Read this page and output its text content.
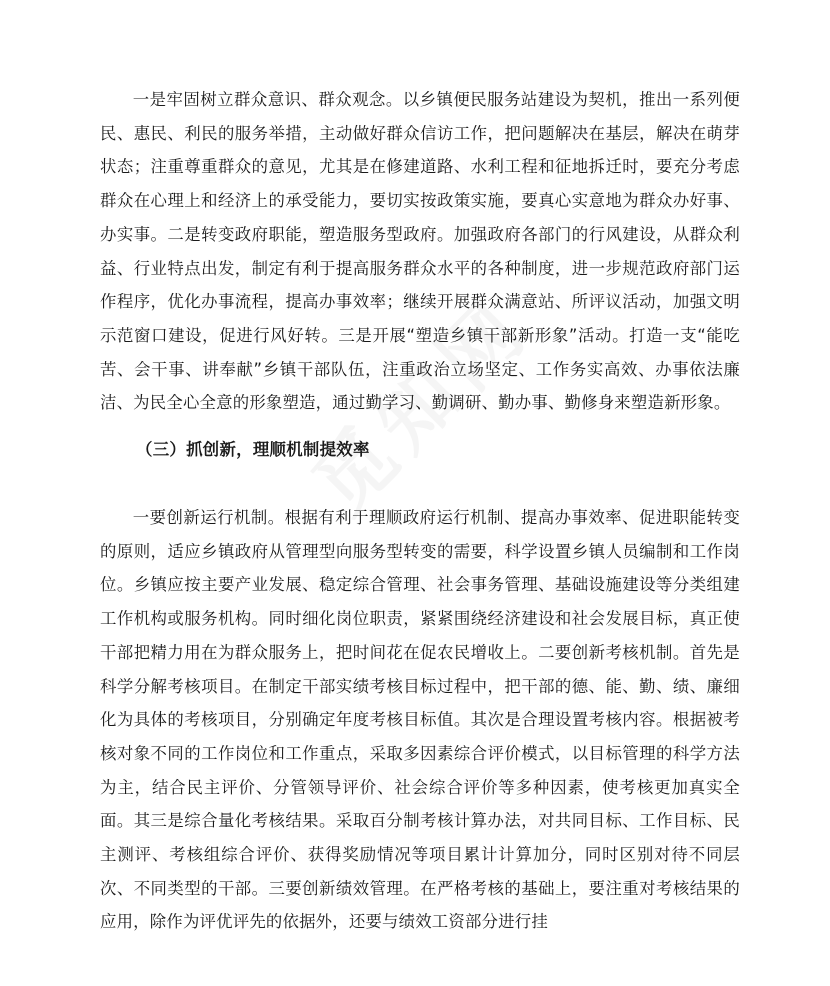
一是牢固树立群众意识、群众观念。以乡镇便民服务站建设为契机，推出一系列便民、惠民、利民的服务举措，主动做好群众信访工作，把问题解决在基层，解决在萌芽状态；注重尊重群众的意见，尤其是在修建道路、水利工程和征地拆迁时，要充分考虑群众在心理上和经济上的承受能力，要切实按政策实施，要真心实意地为群众办好事、办实事。二是转变政府职能，塑造服务型政府。加强政府各部门的行风建设，从群众利益、行业特点出发，制定有利于提高服务群众水平的各种制度，进一步规范政府部门运作程序，优化办事流程，提高办事效率；继续开展群众满意站、所评议活动，加强文明示范窗口建设，促进行风好转。三是开展“塑造乡镇干部新形象”活动。打造一支“能吃苦、会干事、讲奉献”乡镇干部队伍，注重政治立场坚定、工作务实高效、办事依法廉洁、为民全心全意的形象塑造，通过勤学习、勤调研、勤办事、勤修身来塑造新形象。

（三）抓创新，理顺机制提效率

一要创新运行机制。根据有利于理顺政府运行机制、提高办事效率、促进职能转变的原则，适应乡镇政府从管理型向服务型转变的需要，科学设置乡镇人员编制和工作岗位。乡镇应按主要产业发展、稳定综合管理、社会事务管理、基础设施建设等分类组建工作机构或服务机构。同时细化岗位职责，紧紧围绕经济建设和社会发展目标，真正使干部把精力用在为群众服务上，把时间花在促农民增收上。二要创新考核机制。首先是科学分解考核项目。在制定干部实绩考核目标过程中，把干部的德、能、勤、绩、廉细化为具体的考核项目，分别确定年度考核目标值。其次是合理设置考核内容。根据被考核对象不同的工作岗位和工作重点，采取多因素综合评价模式，以目标管理的科学方法为主，结合民主评价、分管领导评价、社会综合评价等多种因素，使考核更加真实全面。其三是综合量化考核结果。采取百分制考核计算办法，对共同目标、工作目标、民主测评、考核组综合评价、获得奖励情况等项目累计计算加分，同时区别对待不同层次、不同类型的干部。三要创新绩效管理。在严格考核的基础上，要注重对考核结果的应用，除作为评优评先的依据外，还要与绩效工资部分进行挂
